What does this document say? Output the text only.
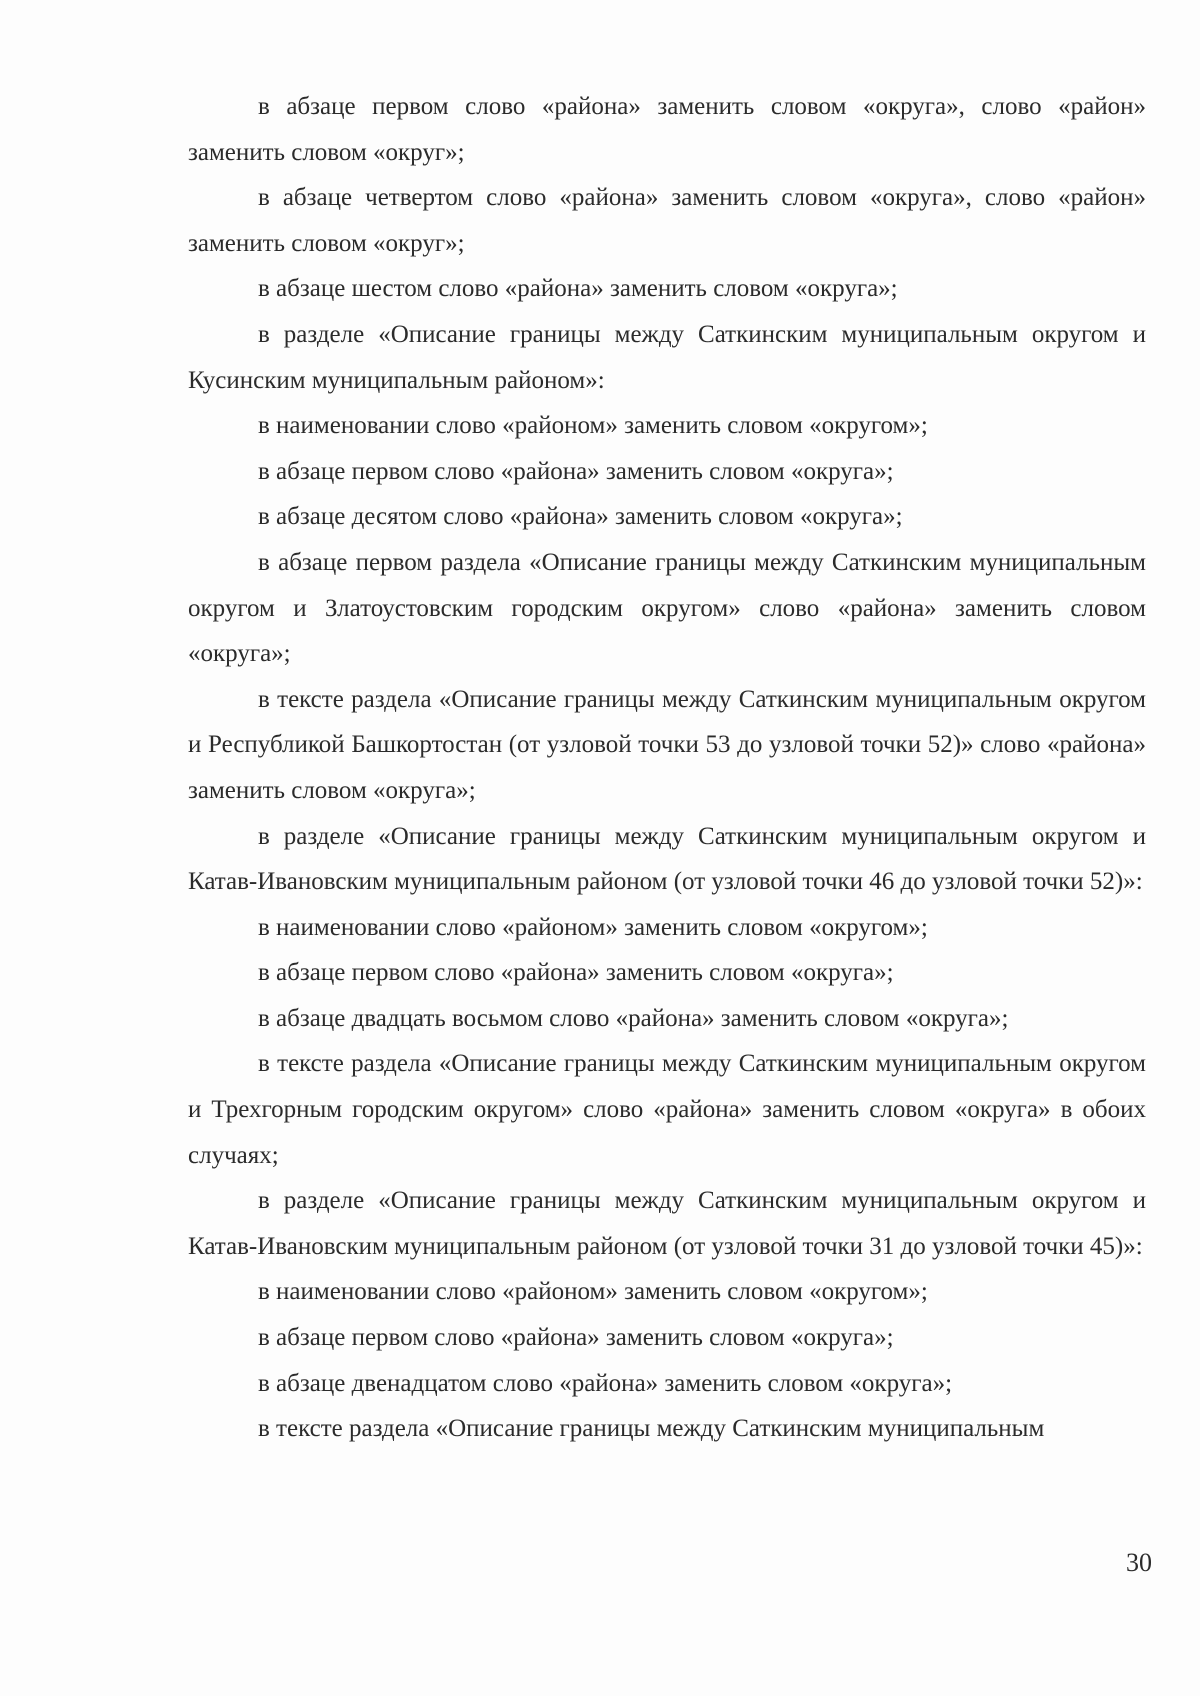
в абзаце первом слово «района» заменить словом «округа», слово «район» заменить словом «округ»;

в абзаце четвертом слово «района» заменить словом «округа», слово «район» заменить словом «округ»;

в абзаце шестом слово «района» заменить словом «округа»;

в разделе «Описание границы между Саткинским муниципальным округом и Кусинским муниципальным районом»:

в наименовании слово «районом» заменить словом «округом»;

в абзаце первом слово «района» заменить словом «округа»;

в абзаце десятом слово «района» заменить словом «округа»;

в абзаце первом раздела «Описание границы между Саткинским муниципальным округом и Златоустовским городским округом» слово «района» заменить словом «округа»;

в тексте раздела «Описание границы между Саткинским муниципальным округом и Республикой Башкортостан (от узловой точки 53 до узловой точки 52)» слово «района» заменить словом «округа»;

в разделе «Описание границы между Саткинским муниципальным округом и Катав-Ивановским муниципальным районом (от узловой точки 46 до узловой точки 52)»:

в наименовании слово «районом» заменить словом «округом»;

в абзаце первом слово «района» заменить словом «округа»;

в абзаце двадцать восьмом слово «района» заменить словом «округа»;

в тексте раздела «Описание границы между Саткинским муниципальным округом и Трехгорным городским округом» слово «района» заменить словом «округа» в обоих случаях;

в разделе «Описание границы между Саткинским муниципальным округом и Катав-Ивановским муниципальным районом (от узловой точки 31 до узловой точки 45)»:

в наименовании слово «районом» заменить словом «округом»;

в абзаце первом слово «района» заменить словом «округа»;

в абзаце двенадцатом слово «района» заменить словом «округа»;

в тексте раздела «Описание границы между Саткинским муниципальным

30
